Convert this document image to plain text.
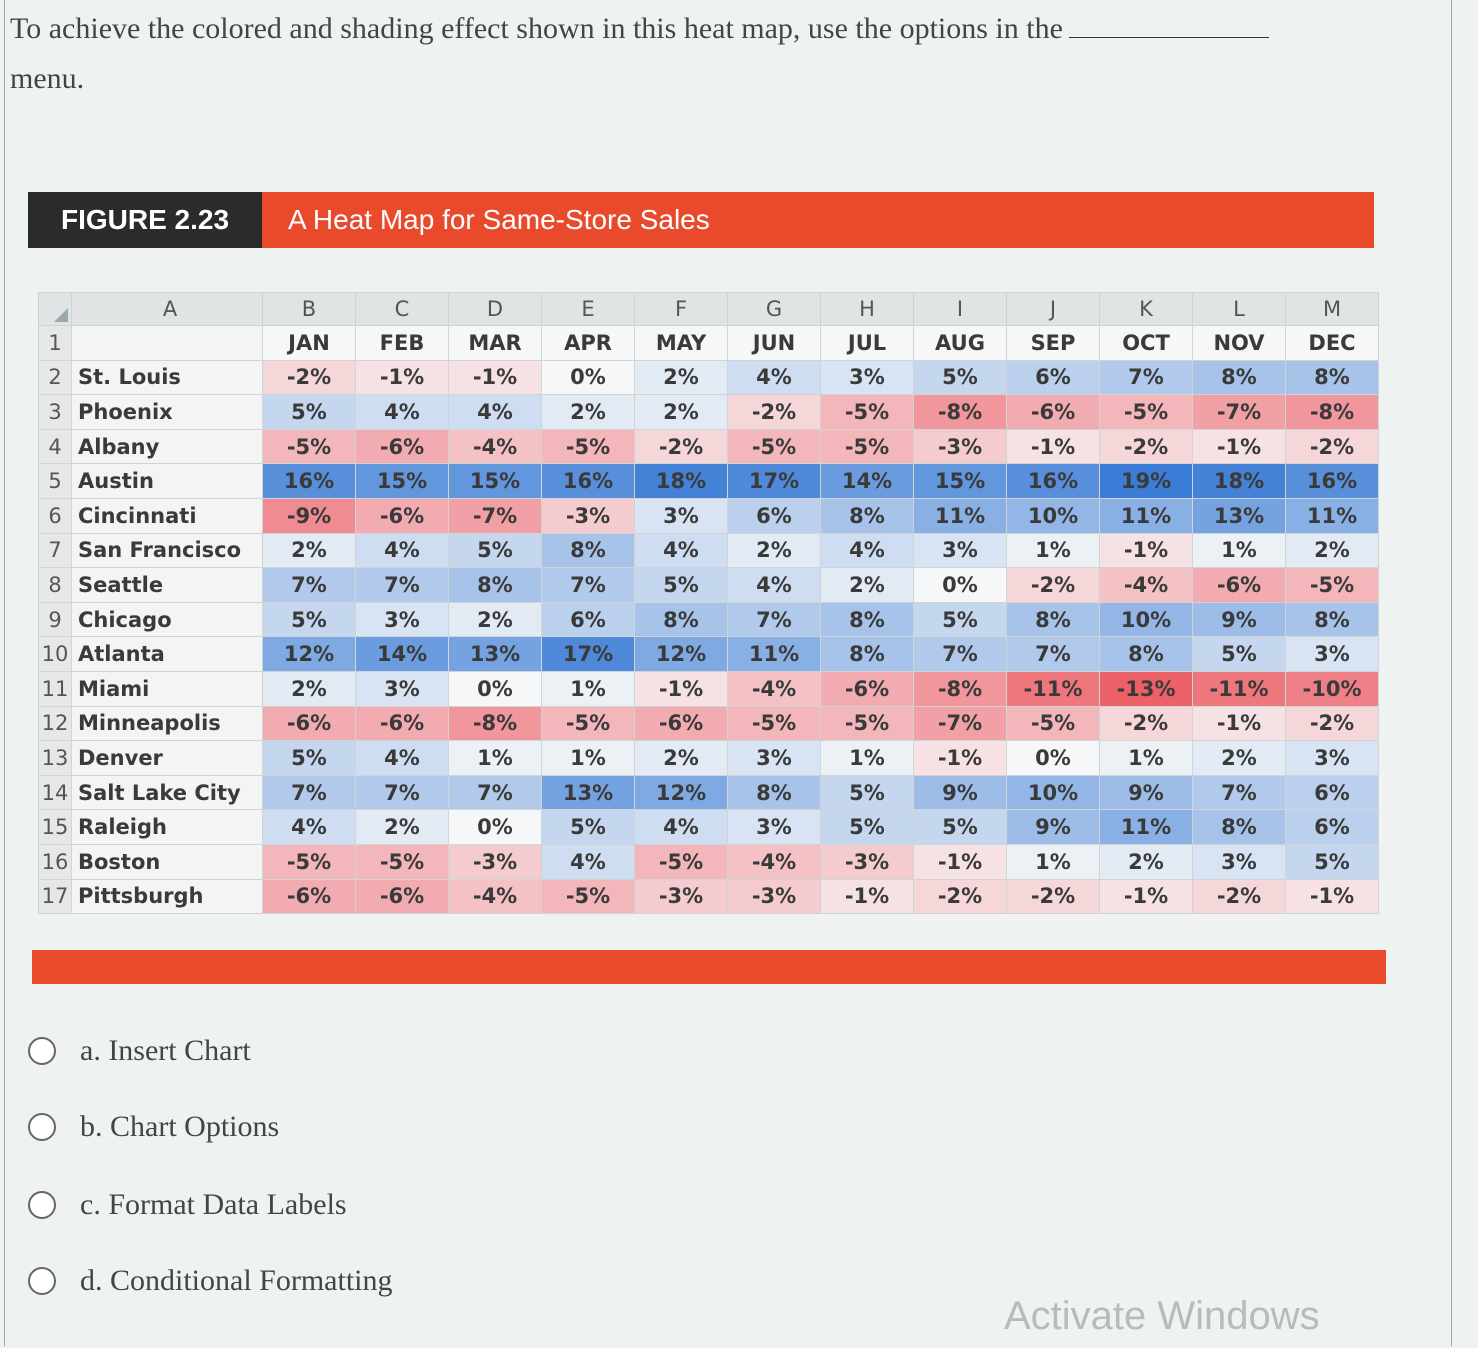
To achieve the colored and shading effect shown in this heat map, use the options in the
menu.
FIGURE 2.23	A Heat Map for Same-Store Sales
	A	B	C	D	E	F	G	H	I	J	K	L	M
1		JAN	FEB	MAR	APR	MAY	JUN	JUL	AUG	SEP	OCT	NOV	DEC
2	St. Louis	-2%	-1%	-1%	0%	2%	4%	3%	5%	6%	7%	8%	8%
3	Phoenix	5%	4%	4%	2%	2%	-2%	-5%	-8%	-6%	-5%	-7%	-8%
4	Albany	-5%	-6%	-4%	-5%	-2%	-5%	-5%	-3%	-1%	-2%	-1%	-2%
5	Austin	16%	15%	15%	16%	18%	17%	14%	15%	16%	19%	18%	16%
6	Cincinnati	-9%	-6%	-7%	-3%	3%	6%	8%	11%	10%	11%	13%	11%
7	San Francisco	2%	4%	5%	8%	4%	2%	4%	3%	1%	-1%	1%	2%
8	Seattle	7%	7%	8%	7%	5%	4%	2%	0%	-2%	-4%	-6%	-5%
9	Chicago	5%	3%	2%	6%	8%	7%	8%	5%	8%	10%	9%	8%
10	Atlanta	12%	14%	13%	17%	12%	11%	8%	7%	7%	8%	5%	3%
11	Miami	2%	3%	0%	1%	-1%	-4%	-6%	-8%	-11%	-13%	-11%	-10%
12	Minneapolis	-6%	-6%	-8%	-5%	-6%	-5%	-5%	-7%	-5%	-2%	-1%	-2%
13	Denver	5%	4%	1%	1%	2%	3%	1%	-1%	0%	1%	2%	3%
14	Salt Lake City	7%	7%	7%	13%	12%	8%	5%	9%	10%	9%	7%	6%
15	Raleigh	4%	2%	0%	5%	4%	3%	5%	5%	9%	11%	8%	6%
16	Boston	-5%	-5%	-3%	4%	-5%	-4%	-3%	-1%	1%	2%	3%	5%
17	Pittsburgh	-6%	-6%	-4%	-5%	-3%	-3%	-1%	-2%	-2%	-1%	-2%	-1%
a. Insert Chart
b. Chart Options
c. Format Data Labels
d. Conditional Formatting
Activate Windows
